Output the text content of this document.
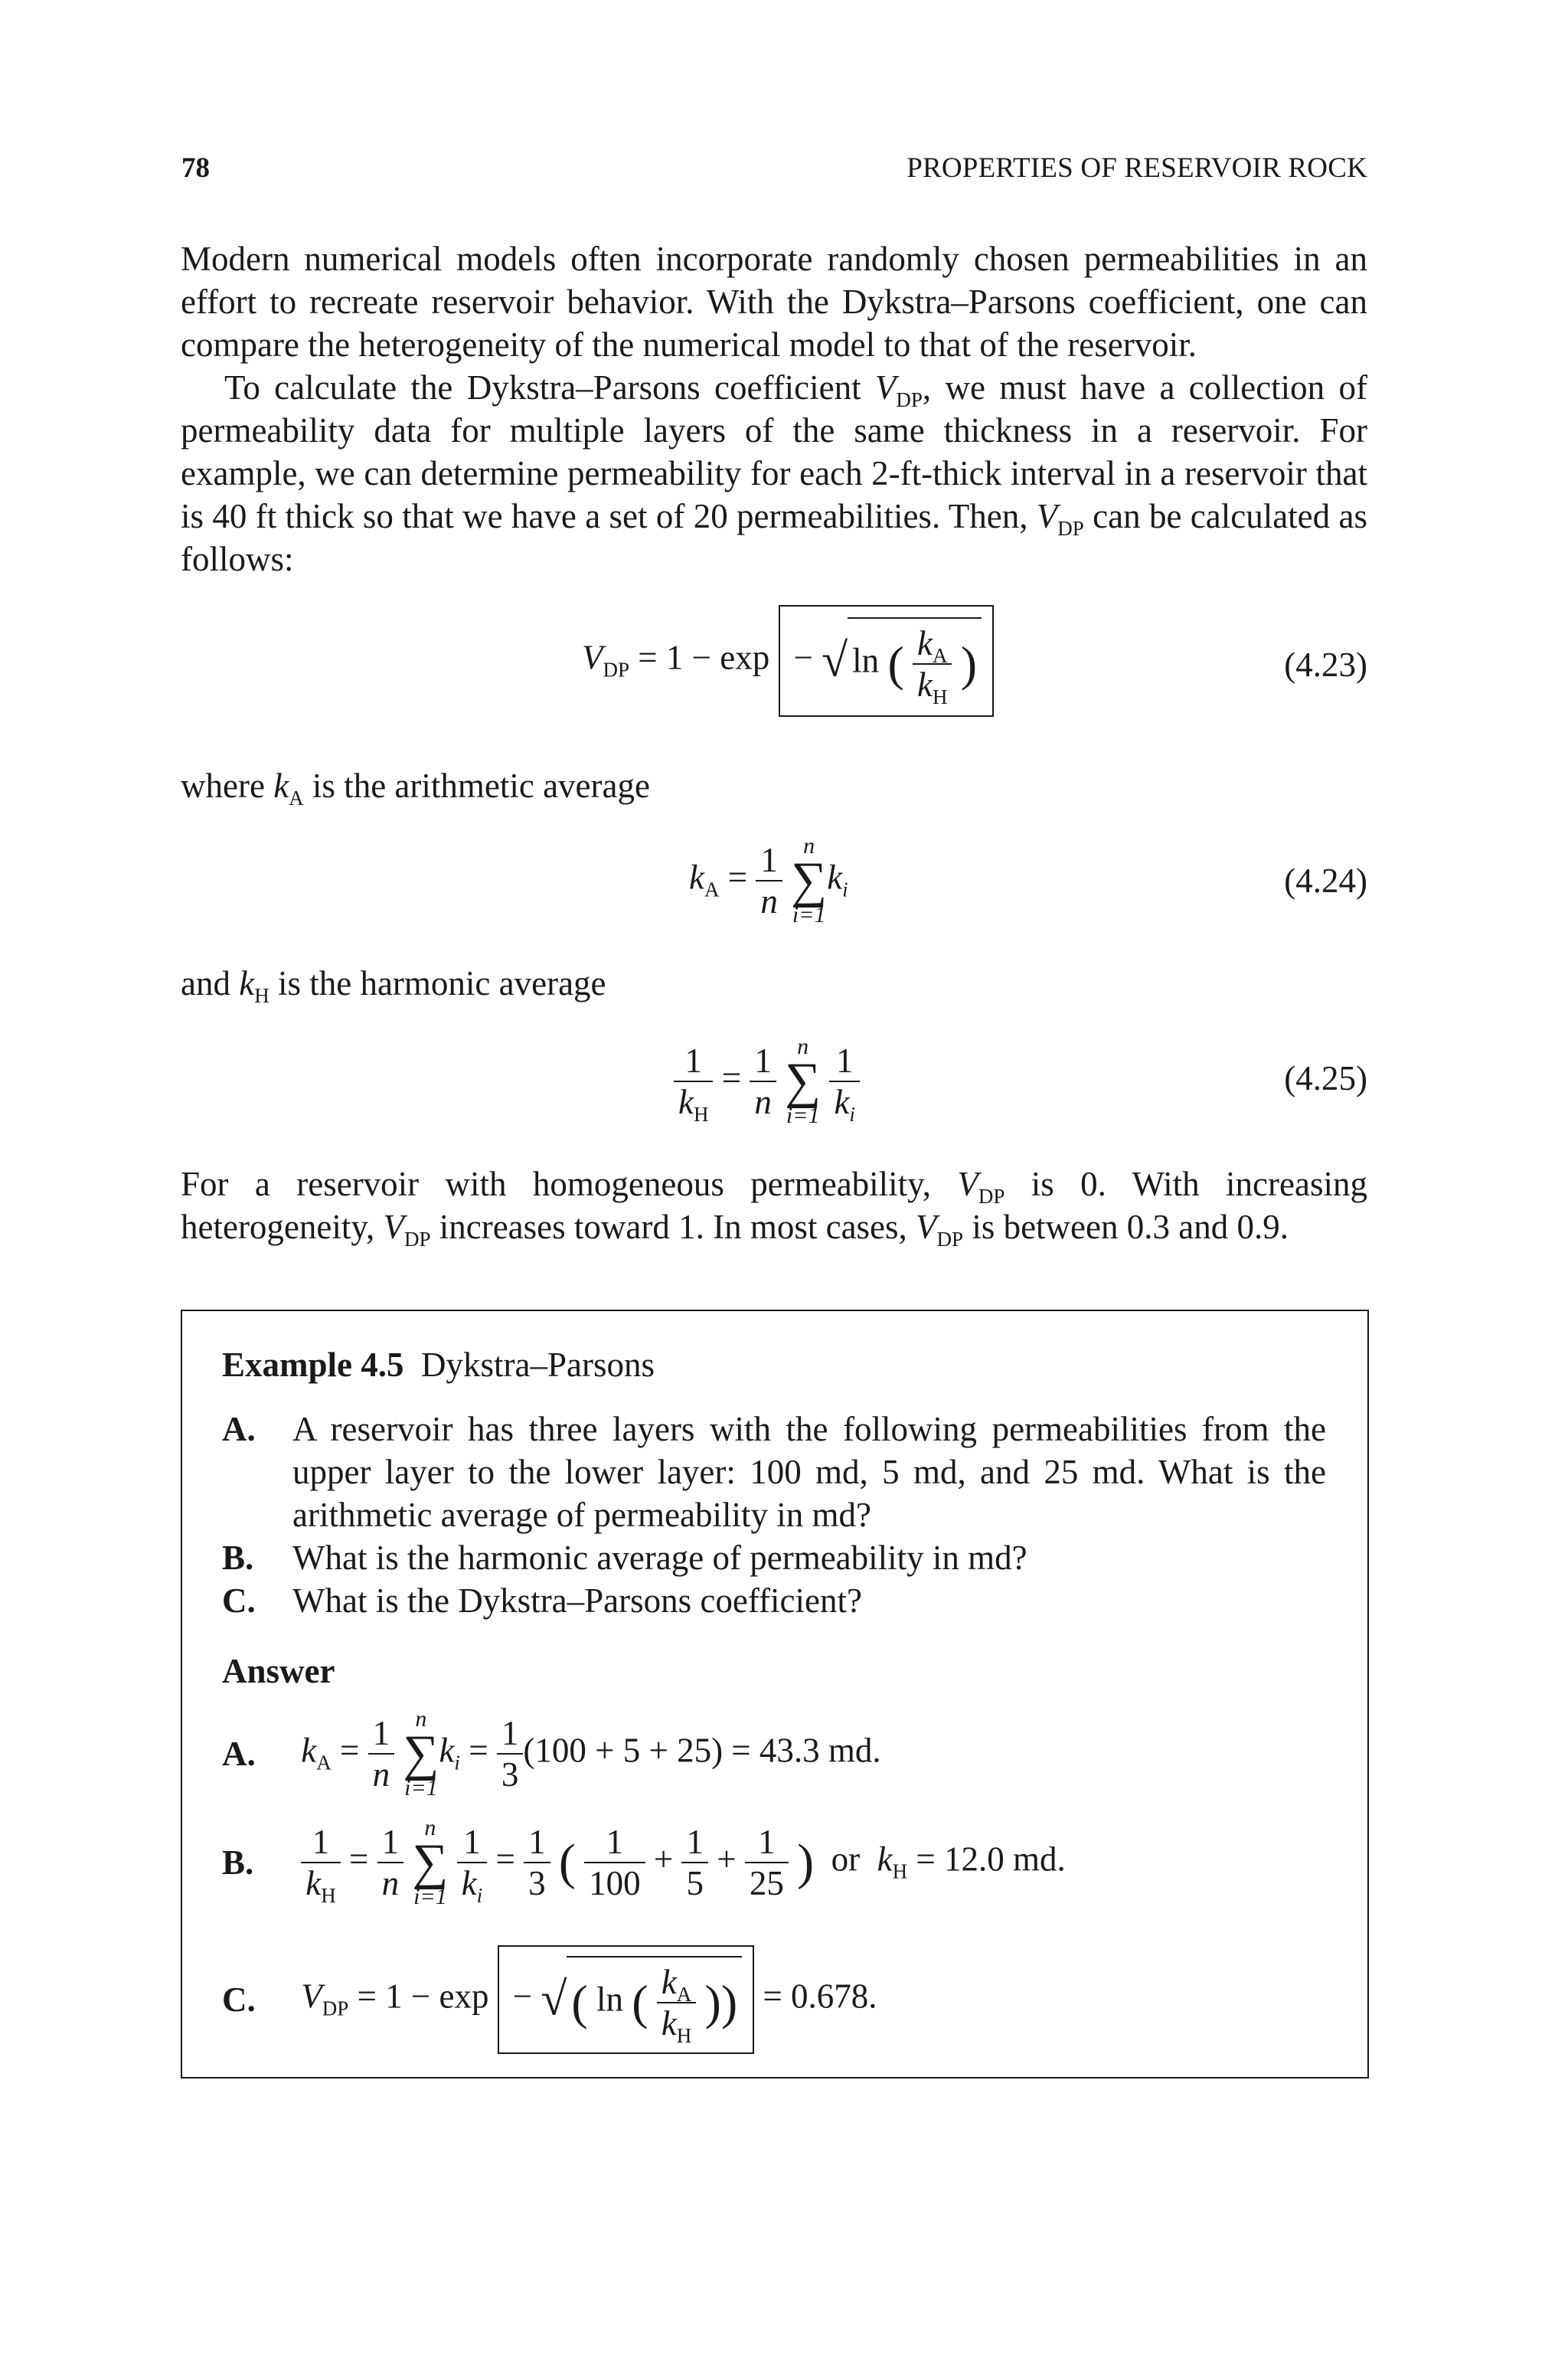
78	PROPERTIES OF RESERVOIR ROCK

Modern numerical models often incorporate randomly chosen permeabilities in an effort to recreate reservoir behavior. With the Dykstra–Parsons coefficient, one can compare the heterogeneity of the numerical model to that of the reservoir.

To calculate the Dykstra–Parsons coefficient $V_{DP}$, we must have a collection of permeability data for multiple layers of the same thickness in a reservoir. For example, we can determine permeability for each 2-ft-thick interval in a reservoir that is 40 ft thick so that we have a set of 20 permeabilities. Then, $V_{DP}$ can be calculated as follows:

$V_{DP} = 1 - \exp$ − √ ln ( $\frac{k_A}{k_H}$ )	(4.23)

where $k_A$ is the arithmetic average

$k_A = \frac{1}{n}$ n
∑
$i=1k_i$	(4.24)

and $k_H$ is the harmonic average

$\frac{1}{k_H} = \frac{1}{n}$ n
∑
$i=1 \frac{1}{k_i}$	(4.25)

For a reservoir with homogeneous permeability, $V_{DP}$ is 0. With increasing heterogeneity, $V_{DP}$ increases toward 1. In most cases, $V_{DP}$ is between 0.3 and 0.9.

Example 4.5 Dykstra–Parsons
A. A reservoir has three layers with the following permeabilities from the upper layer to the lower layer: 100 md, 5 md, and 25 md. What is the arithmetic average of permeability in md?
B. What is the harmonic average of permeability in md?
C. What is the Dykstra–Parsons coefficient?
Answer
A. $k_A = \frac{1}{n}$ n
∑
$i=1k_i = \frac{1}{3} (100 + 5 + 25) = 43.3$ md.
B. $\frac{1}{k_H} = \frac{1}{n}$ n
∑
$i=1 \frac{1}{k_i} = \frac{1}{3}$ ( $\frac{1}{100} + \frac{1}{5} + \frac{1}{25}$ ) or $k_H = 12.0$ md.
C. $V_{DP} = 1 - \exp$ − √( ln ( $\frac{k_A}{k_H}$ )) = 0.678.
